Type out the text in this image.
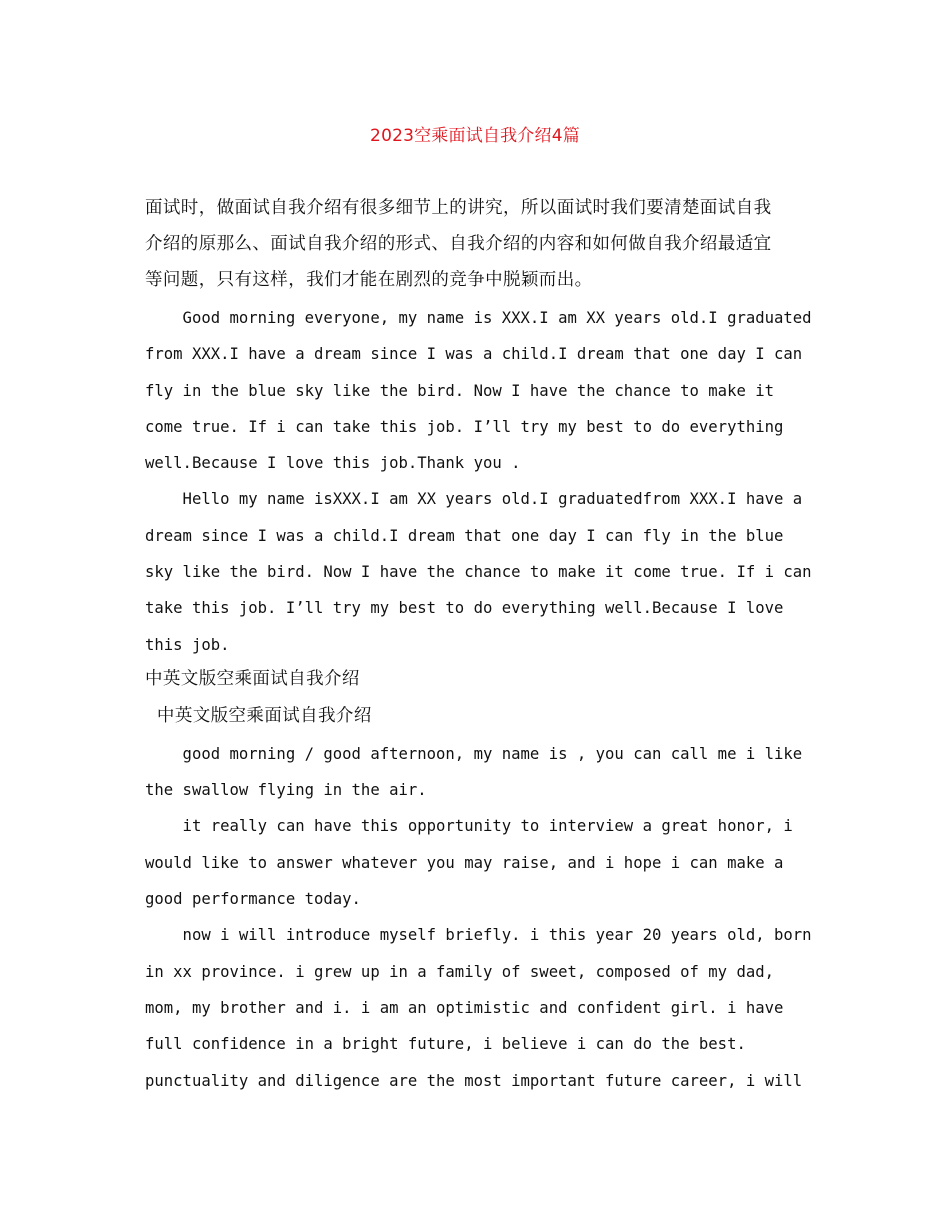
2023空乘面试自我介绍4篇

面试时，做面试自我介绍有很多细节上的讲究，所以面试时我们要清楚面试自我

介绍的原那么、面试自我介绍的形式、自我介绍的内容和如何做自我介绍最适宜

等问题，只有这样，我们才能在剧烈的竞争中脱颖而出。

Good morning everyone, my name is XXX.I am XX years old.I graduated

from XXX.I have a dream since I was a child.I dream that one day I can

fly in the blue sky like the bird. Now I have the chance to make it

come true. If i can take this job. I’ll try my best to do everything

well.Because I love this job.Thank you .

Hello my name isXXX.I am XX years old.I graduatedfrom XXX.I have a

dream since I was a child.I dream that one day I can fly in the blue

sky like the bird. Now I have the chance to make it come true. If i can

take this job. I’ll try my best to do everything well.Because I love

this job.

中英文版空乘面试自我介绍

中英文版空乘面试自我介绍

good morning / good afternoon, my name is , you can call me i like

the swallow flying in the air.

it really can have this opportunity to interview a great honor, i

would like to answer whatever you may raise, and i hope i can make a

good performance today.

now i will introduce myself briefly. i this year 20 years old, born

in xx province. i grew up in a family of sweet, composed of my dad,

mom, my brother and i. i am an optimistic and confident girl. i have

full confidence in a bright future, i believe i can do the best.

punctuality and diligence are the most important future career, i will
